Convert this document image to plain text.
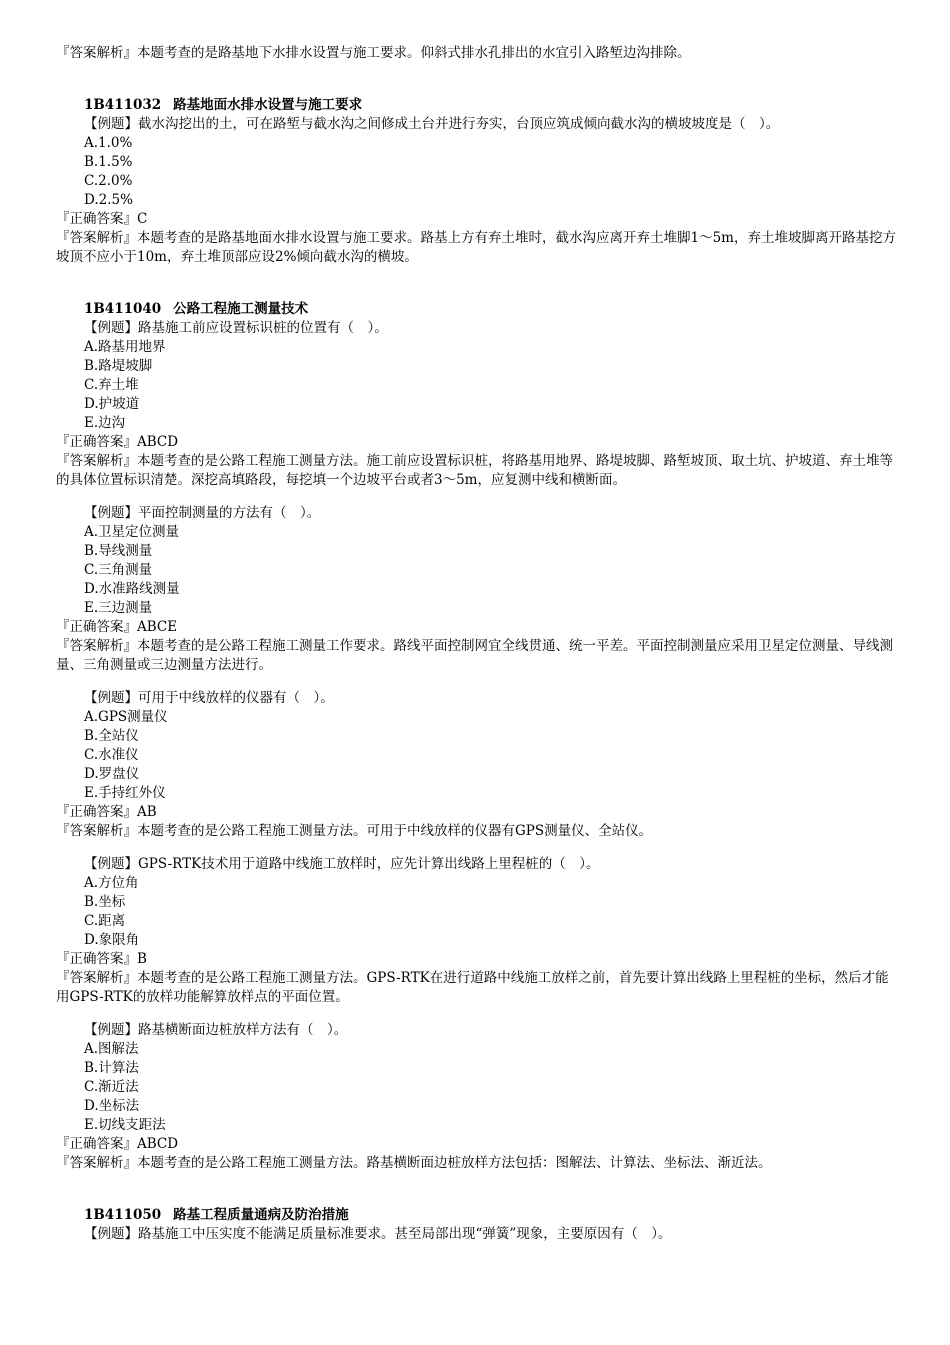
『答案解析』本题考查的是路基地下水排水设置与施工要求。仰斜式排水孔排出的水宜引入路堑边沟排除。

1B411032 路基地面水排水设置与施工要求

【例题】截水沟挖出的土，可在路堑与截水沟之间修成土台并进行夯实，台顶应筑成倾向截水沟的横坡坡度是（　）。

A.1.0%

B.1.5%

C.2.0%

D.2.5%

『正确答案』C

『答案解析』本题考查的是路基地面水排水设置与施工要求。路基上方有弃土堆时，截水沟应离开弃土堆脚1～5m，弃土堆坡脚离开路基挖方坡顶不应小于10m，弃土堆顶部应设2%倾向截水沟的横坡。

1B411040 公路工程施工测量技术

【例题】路基施工前应设置标识桩的位置有（　）。

A.路基用地界

B.路堤坡脚

C.弃土堆

D.护坡道

E.边沟

『正确答案』ABCD

『答案解析』本题考查的是公路工程施工测量方法。施工前应设置标识桩，将路基用地界、路堤坡脚、路堑坡顶、取土坑、护坡道、弃土堆等的具体位置标识清楚。深挖高填路段，每挖填一个边坡平台或者3～5m，应复测中线和横断面。

【例题】平面控制测量的方法有（　）。

A.卫星定位测量

B.导线测量

C.三角测量

D.水准路线测量

E.三边测量

『正确答案』ABCE

『答案解析』本题考查的是公路工程施工测量工作要求。路线平面控制网宜全线贯通、统一平差。平面控制测量应采用卫星定位测量、导线测量、三角测量或三边测量方法进行。

【例题】可用于中线放样的仪器有（　）。

A.GPS测量仪

B.全站仪

C.水准仪

D.罗盘仪

E.手持红外仪

『正确答案』AB

『答案解析』本题考查的是公路工程施工测量方法。可用于中线放样的仪器有GPS测量仪、全站仪。

【例题】GPS-RTK技术用于道路中线施工放样时，应先计算出线路上里程桩的（　）。

A.方位角

B.坐标

C.距离

D.象限角

『正确答案』B

『答案解析』本题考查的是公路工程施工测量方法。GPS-RTK在进行道路中线施工放样之前，首先要计算出线路上里程桩的坐标，然后才能用GPS-RTK的放样功能解算放样点的平面位置。

【例题】路基横断面边桩放样方法有（　）。

A.图解法

B.计算法

C.渐近法

D.坐标法

E.切线支距法

『正确答案』ABCD

『答案解析』本题考查的是公路工程施工测量方法。路基横断面边桩放样方法包括：图解法、计算法、坐标法、渐近法。

1B411050 路基工程质量通病及防治措施

【例题】路基施工中压实度不能满足质量标准要求。甚至局部出现“弹簧”现象，主要原因有（　）。
